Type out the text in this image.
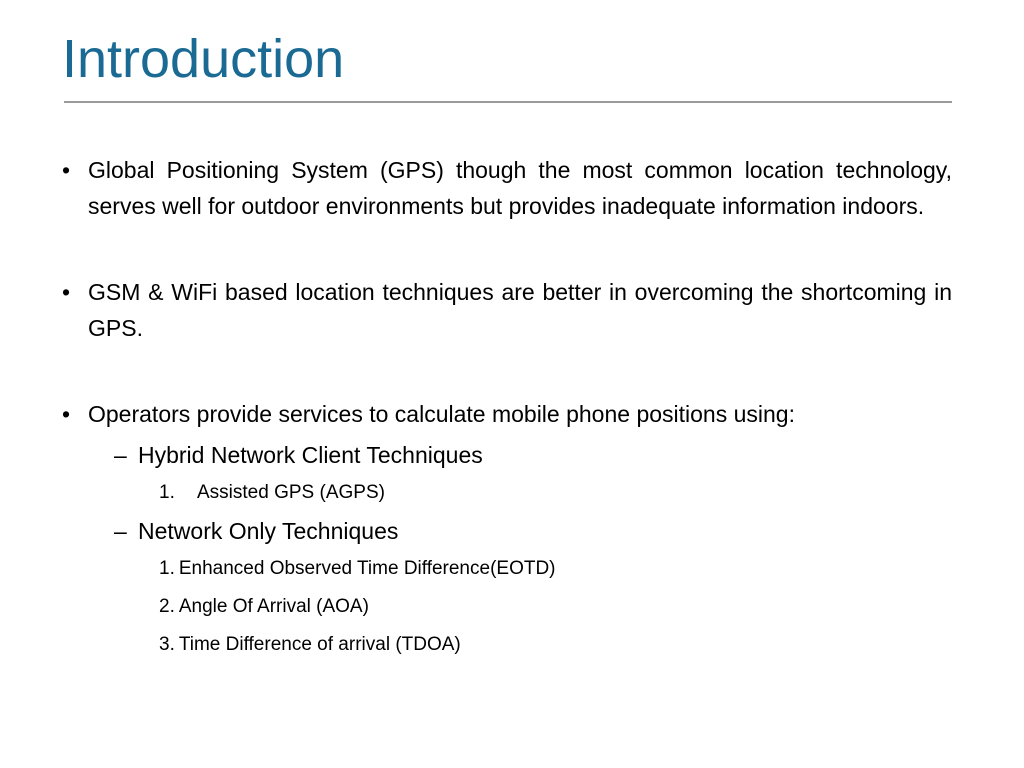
Introduction

• Global Positioning System (GPS) though the most common location technology, serves well for outdoor environments but provides inadequate information indoors.

• GSM & WiFi based location techniques are better in overcoming the shortcoming in GPS.

• Operators provide services to calculate mobile phone positions using:

– Hybrid Network Client Techniques

1. Assisted GPS (AGPS)

– Network Only Techniques

1. Enhanced Observed Time Difference(EOTD)

2. Angle Of Arrival (AOA)

3. Time Difference of arrival (TDOA)
